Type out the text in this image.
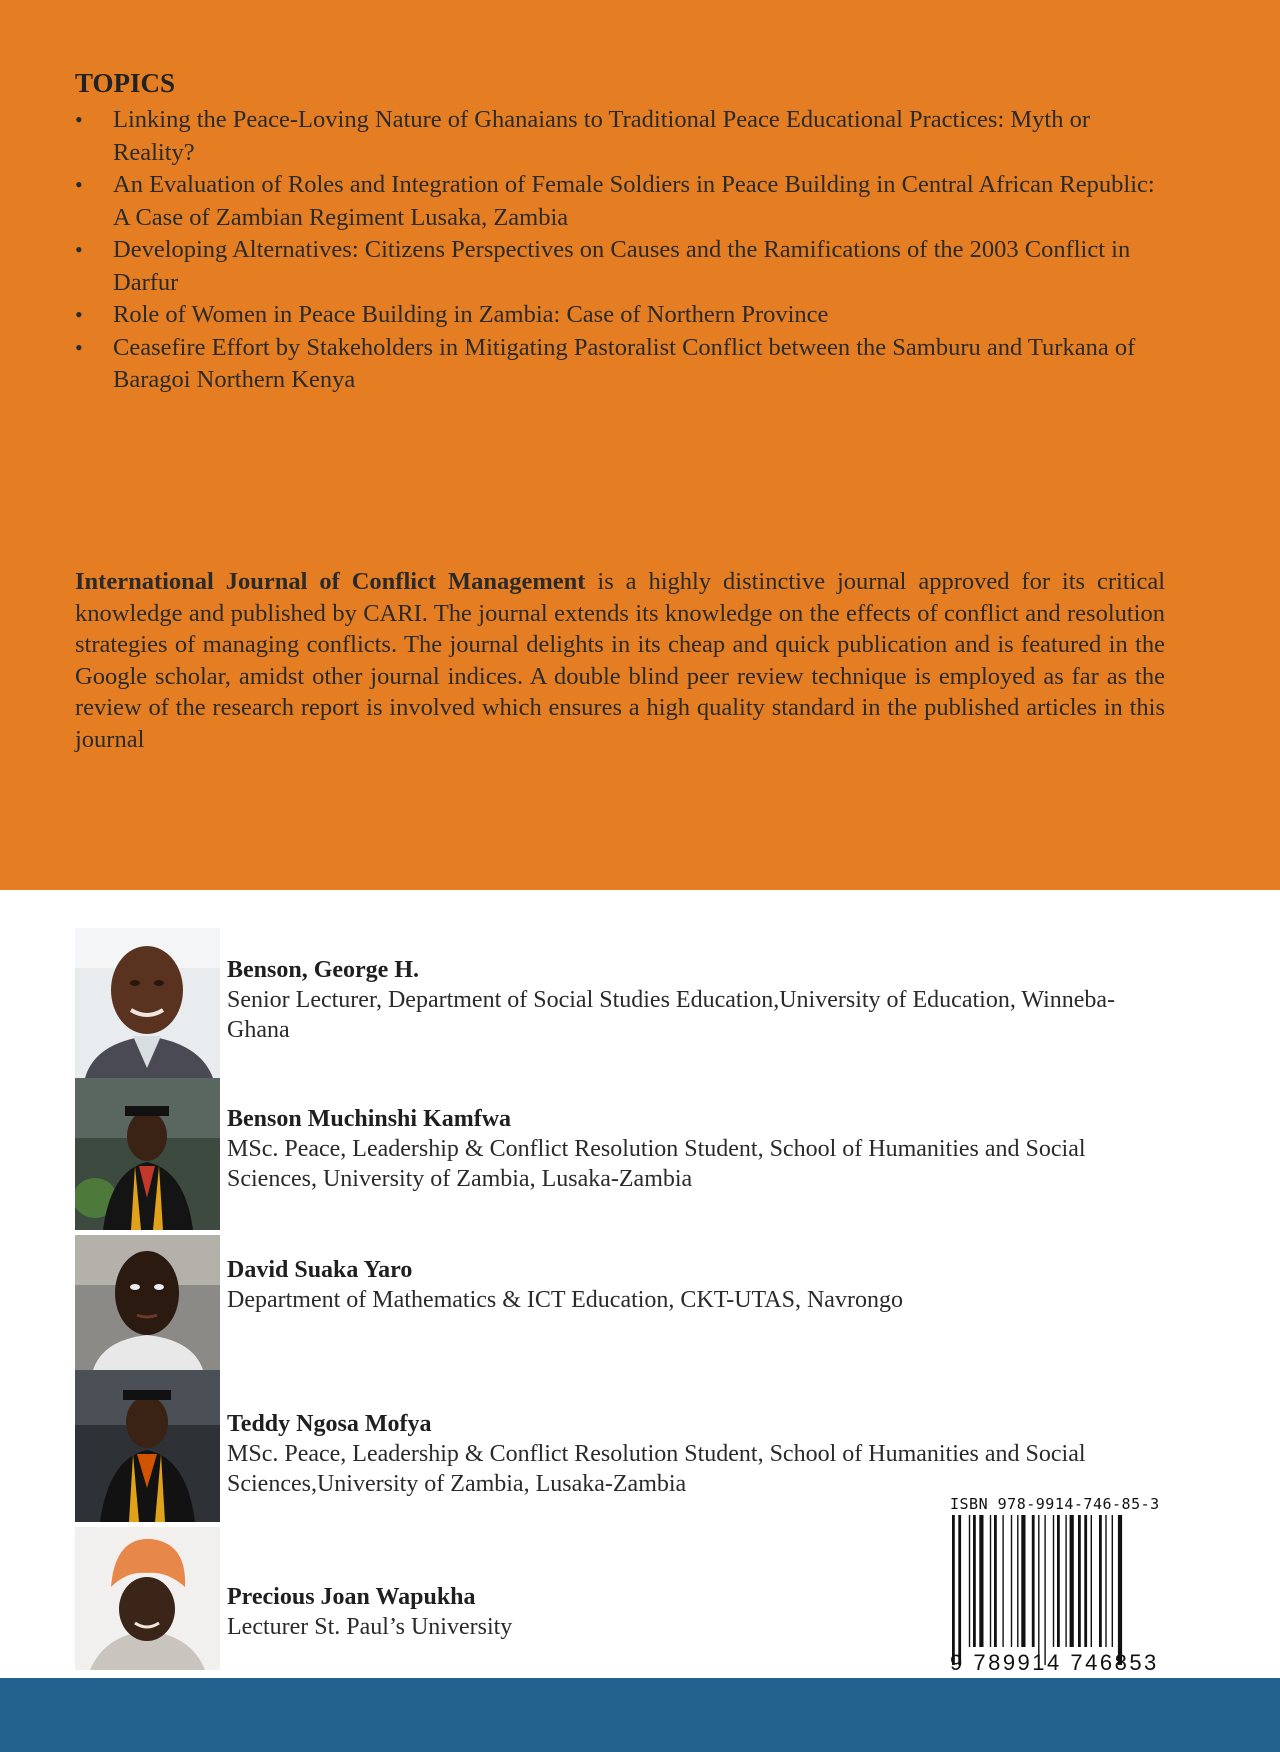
TOPICS
•	Linking the Peace-Loving Nature of Ghanaians to Traditional Peace Educational Practices: Myth or Reality?
•	An Evaluation of Roles and Integration of Female Soldiers in Peace Building in Central African Republic: A Case of Zambian Regiment Lusaka, Zambia
•	Developing Alternatives: Citizens Perspectives on Causes and the Ramifications of the 2003 Conflict in Darfur
•	Role of Women in Peace Building in Zambia: Case of Northern Province
•	Ceasefire Effort by Stakeholders in Mitigating Pastoralist Conflict between the Samburu and Turkana of Baragoi Northern Kenya

International Journal of Conflict Management is a highly distinctive journal approved for its critical knowledge and published by CARI. The journal extends its knowledge on the effects of conflict and resolution strategies of managing conflicts. The journal delights in its cheap and quick publication and is featured in the Google scholar, amidst other journal indices. A double blind peer review technique is employed as far as the review of the research report is involved which ensures a high quality standard in the published articles in this journal

Benson, George H.
Senior Lecturer, Department of Social Studies Education,University of Education, Winneba-Ghana
Benson Muchinshi Kamfwa
MSc. Peace, Leadership & Conflict Resolution Student, School of Humanities and Social Sciences, University of Zambia, Lusaka-Zambia
David Suaka Yaro
Department of Mathematics & ICT Education, CKT-UTAS, Navrongo
Teddy Ngosa Mofya
MSc. Peace, Leadership & Conflict Resolution Student, School of Humanities and Social Sciences,University of Zambia, Lusaka-Zambia
Precious Joan Wapukha
Lecturer St. Paul’s University
ISBN 978-9914-746-85-3
9 789914 746853
